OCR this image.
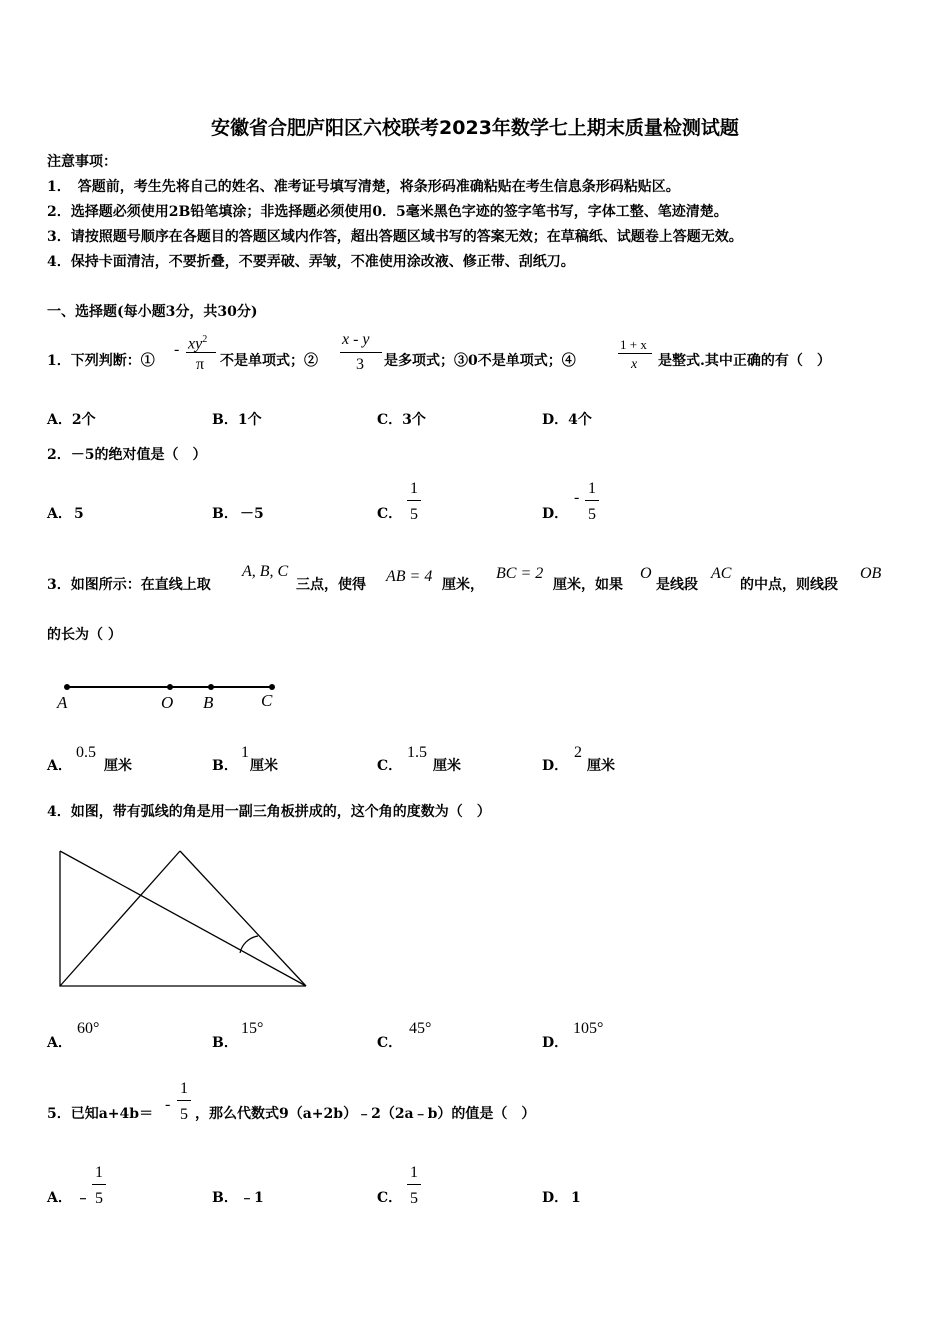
安徽省合肥庐阳区六校联考2023年数学七上期末质量检测试题
注意事项：
1．　答题前，考生先将自己的姓名、准考证号填写清楚，将条形码准确粘贴在考生信息条形码粘贴区。
2．选择题必须使用2B铅笔填涂；非选择题必须使用0．5毫米黑色字迹的签字笔书写，字体工整、笔迹清楚。
3．请按照题号顺序在各题目的答题区域内作答，超出答题区域书写的答案无效；在草稿纸、试题卷上答题无效。
4．保持卡面清洁，不要折叠，不要弄破、弄皱，不准使用涂改液、修正带、刮纸刀。
一、选择题(每小题3分，共30分)
1．下列判断：①
- $xy^2$
π 不是单项式；②
x - y
3 是多项式；③0不是单项式；④
1 + x
x 是整式.其中正确的有（　）
A．2个	B．1个	C．3个	D．4个
2．－5的绝对值是（　）
A． 5	B． －5	C．
1
5	D．
-
1
5
3．如图所示：在直线上取
A, B, C
三点，使得 AB = 4 厘米，
BC = 2
厘米，如果
O
是线段
AC
的中点，则线段
OB
的长为（ ）
A	O B	C
A．
0.5
厘米	B．
1
厘米	C．
1.5
厘米	D．
2
厘米
4．如图，带有弧线的角是用一副三角板拼成的，这个角的度数为（　）
A．
60°
B．
15°
C．
45°
D．
105°
5．已知a+4b＝
-
1
5 ，那么代数式9（a+2b）﹣2（2a﹣b）的值是（　）
A． ﹣
1
5	B． ﹣1	C．
1
5	D． 1
